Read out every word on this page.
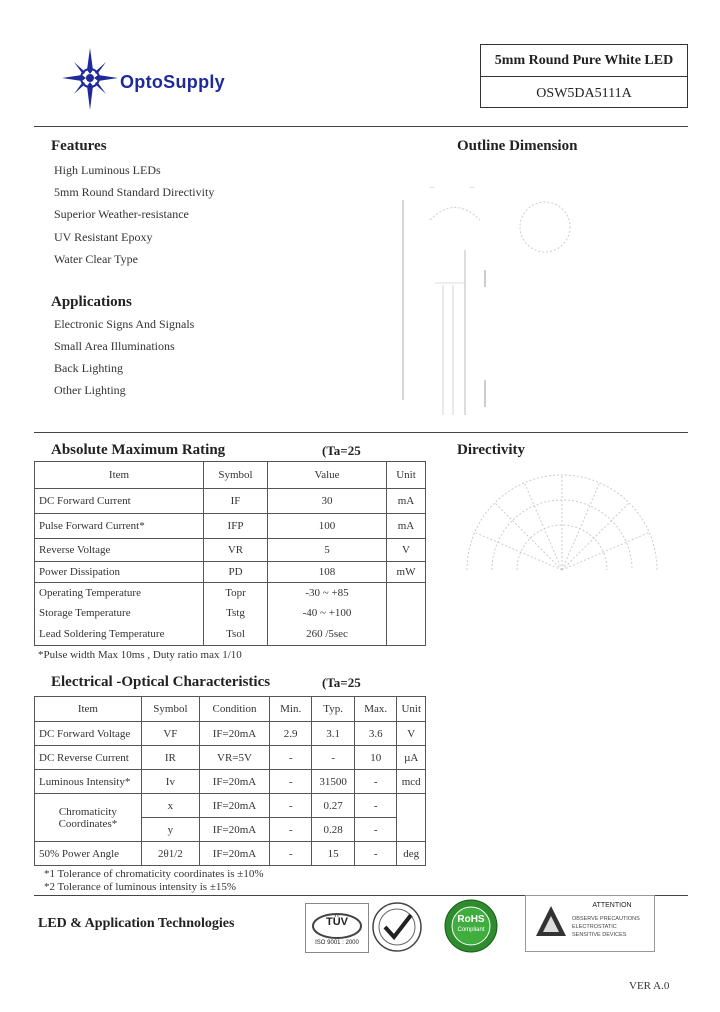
OptoSupply
5mm Round Pure White LED
OSW5DA5111A
Features
High Luminous LEDs
5mm Round Standard Directivity
Superior Weather-resistance
UV Resistant Epoxy
Water Clear Type
Applications
Electronic Signs And Signals
Small Area Illuminations
Back Lighting
Other Lighting
Outline Dimension
_	_
Directivity
Absolute Maximum Rating	(Ta=25
Item	Symbol	Value	Unit
DC Forward Current	IF	30	mA
Pulse Forward Current*	IFP	100	mA
Reverse Voltage	VR	5	V
Power Dissipation	PD	108	mW
Operating Temperature	Topr	-30 ~ +85	
Storage Temperature	Tstg	-40 ~ +100	
Lead Soldering Temperature	Tsol	260 /5sec	
*Pulse width Max 10ms , Duty ratio max 1/10
Electrical -Optical Characteristics	(Ta=25
Item	Symbol	Condition	Min.	Typ.	Max.	Unit
DC Forward Voltage	VF	IF=20mA	2.9	3.1	3.6	V
DC Reverse Current	IR	VR=5V	-	-	10	µA
Luminous Intensity*	Iv	IF=20mA	-	31500	-	mcd

Chromaticity
Coordinates*	x	IF=20mA	-	0.27	-	
	y	IF=20mA	-	0.28	-	
50% Power Angle	2θ1/2	IF=20mA	-	15	-	deg
*1 Tolerance of chromaticity coordinates is ±10%
*2 Tolerance of luminous intensity is ±15%
LED & Application Technologies	TÜV
ISO 9001 : 2000
RoHS
Compliant
ATTENTION
OBSERVE PRECAUTIONS
ELECTROSTATIC
SENSITIVE DEVICES
VER A.0
